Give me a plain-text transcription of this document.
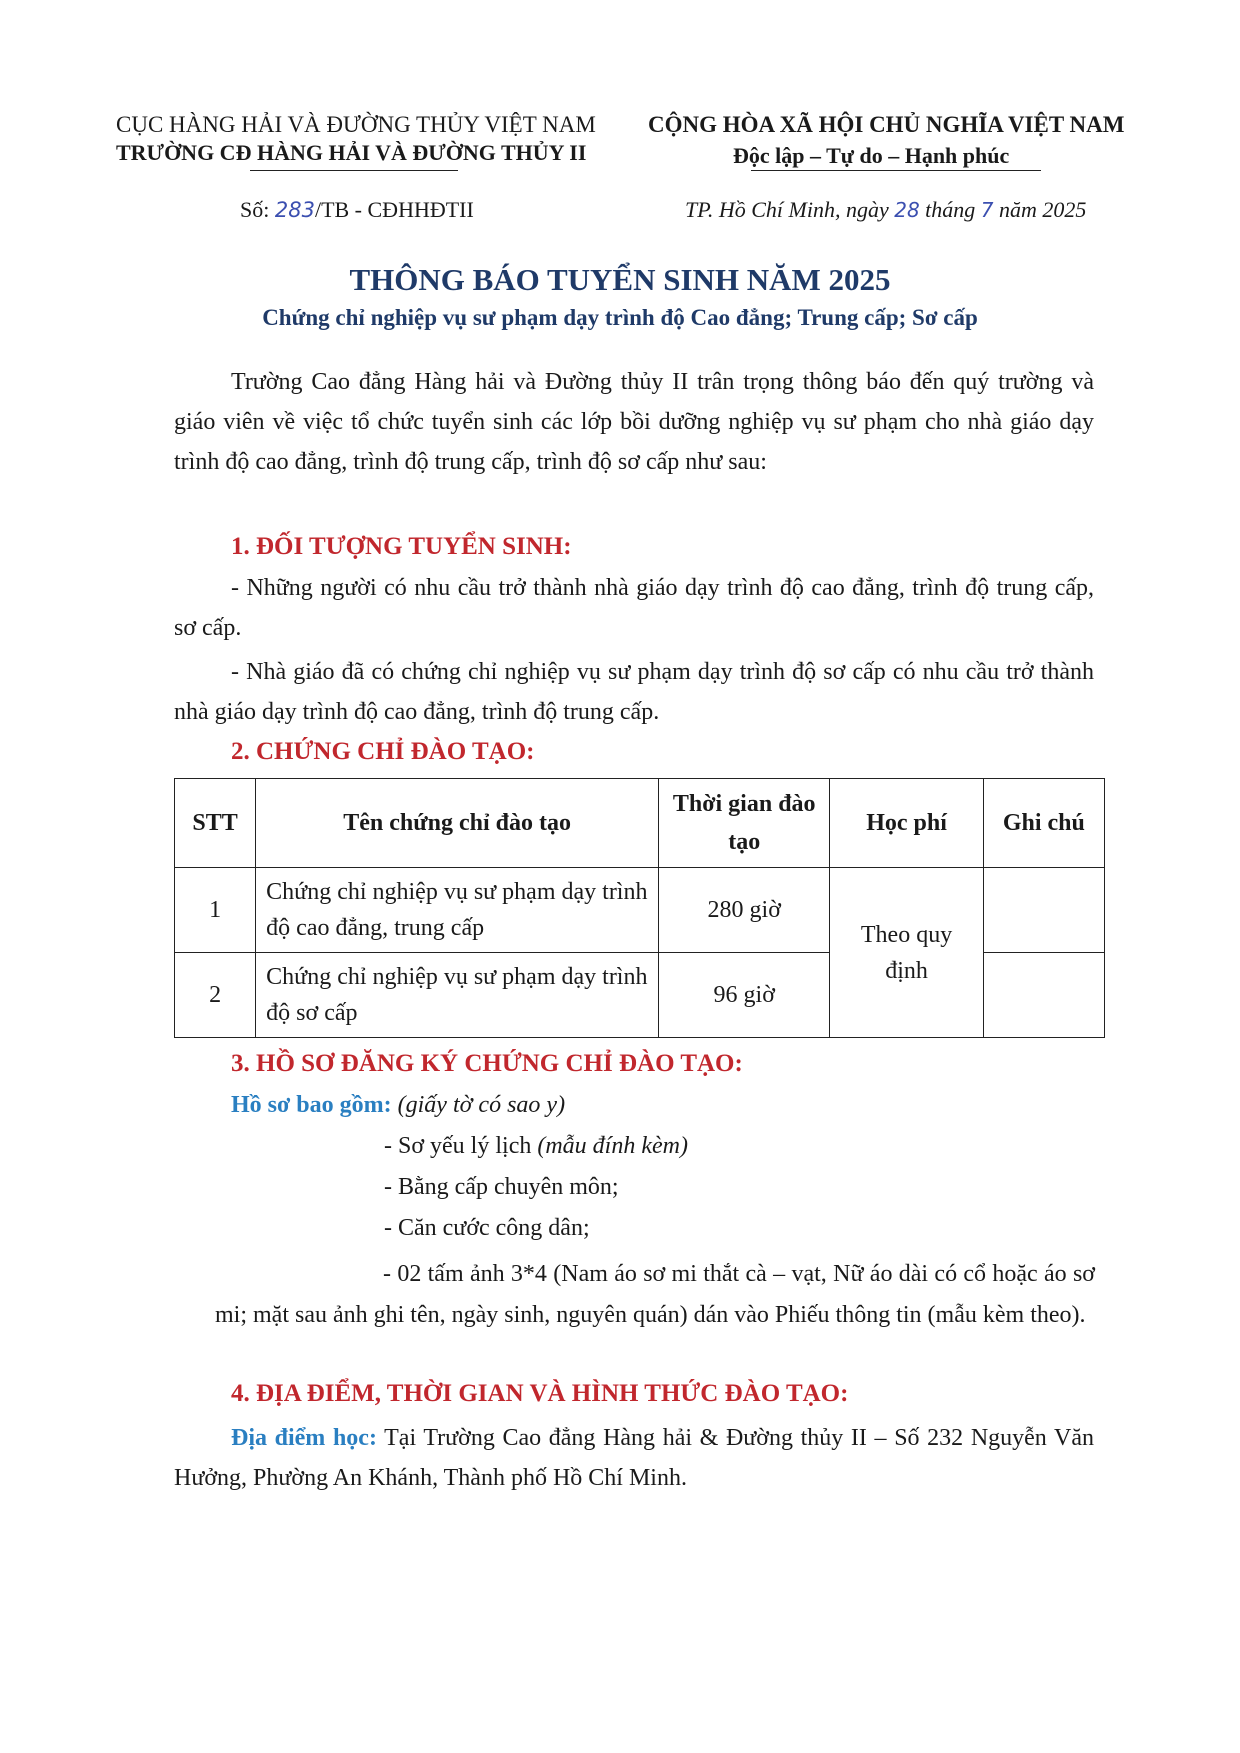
CỤC HÀNG HẢI VÀ ĐƯỜNG THỦY VIỆT NAM
TRƯỜNG CĐ HÀNG HẢI VÀ ĐƯỜNG THỦY II
CỘNG HÒA XÃ HỘI CHỦ NGHĨA VIỆT NAM
Độc lập – Tự do – Hạnh phúc
Số: 283/TB - CĐHHĐTII	TP. Hồ Chí Minh, ngày 28 tháng 7 năm 2025
THÔNG BÁO TUYỂN SINH NĂM 2025
Chứng chỉ nghiệp vụ sư phạm dạy trình độ Cao đẳng; Trung cấp; Sơ cấp
Trường Cao đẳng Hàng hải và Đường thủy II trân trọng thông báo đến quý trường và giáo viên về việc tổ chức tuyển sinh các lớp bồi dưỡng nghiệp vụ sư phạm cho nhà giáo dạy trình độ cao đẳng, trình độ trung cấp, trình độ sơ cấp như sau:
1. ĐỐI TƯỢNG TUYỂN SINH:
- Những người có nhu cầu trở thành nhà giáo dạy trình độ cao đẳng, trình độ trung cấp, sơ cấp.
- Nhà giáo đã có chứng chỉ nghiệp vụ sư phạm dạy trình độ sơ cấp có nhu cầu trở thành nhà giáo dạy trình độ cao đẳng, trình độ trung cấp.
2. CHỨNG CHỈ ĐÀO TẠO:
STT	Tên chứng chỉ đào tạo	Thời gian đào tạo	Học phí	Ghi chú
1	Chứng chỉ nghiệp vụ sư phạm dạy trình độ cao đẳng, trung cấp	280 giờ	Theo quy định	
2	Chứng chỉ nghiệp vụ sư phạm dạy trình độ sơ cấp	96 giờ		
3. HỒ SƠ ĐĂNG KÝ CHỨNG CHỈ ĐÀO TẠO:
Hồ sơ bao gồm: (giấy tờ có sao y)
- Sơ yếu lý lịch (mẫu đính kèm)
- Bằng cấp chuyên môn;
- Căn cước công dân;
- 02 tấm ảnh 3*4 (Nam áo sơ mi thắt cà – vạt, Nữ áo dài có cổ hoặc áo sơ mi; mặt sau ảnh ghi tên, ngày sinh, nguyên quán) dán vào Phiếu thông tin (mẫu kèm theo).
4. ĐỊA ĐIỂM, THỜI GIAN VÀ HÌNH THỨC ĐÀO TẠO:
Địa điểm học: Tại Trường Cao đẳng Hàng hải & Đường thủy II – Số 232 Nguyễn Văn Hưởng, Phường An Khánh, Thành phố Hồ Chí Minh.
